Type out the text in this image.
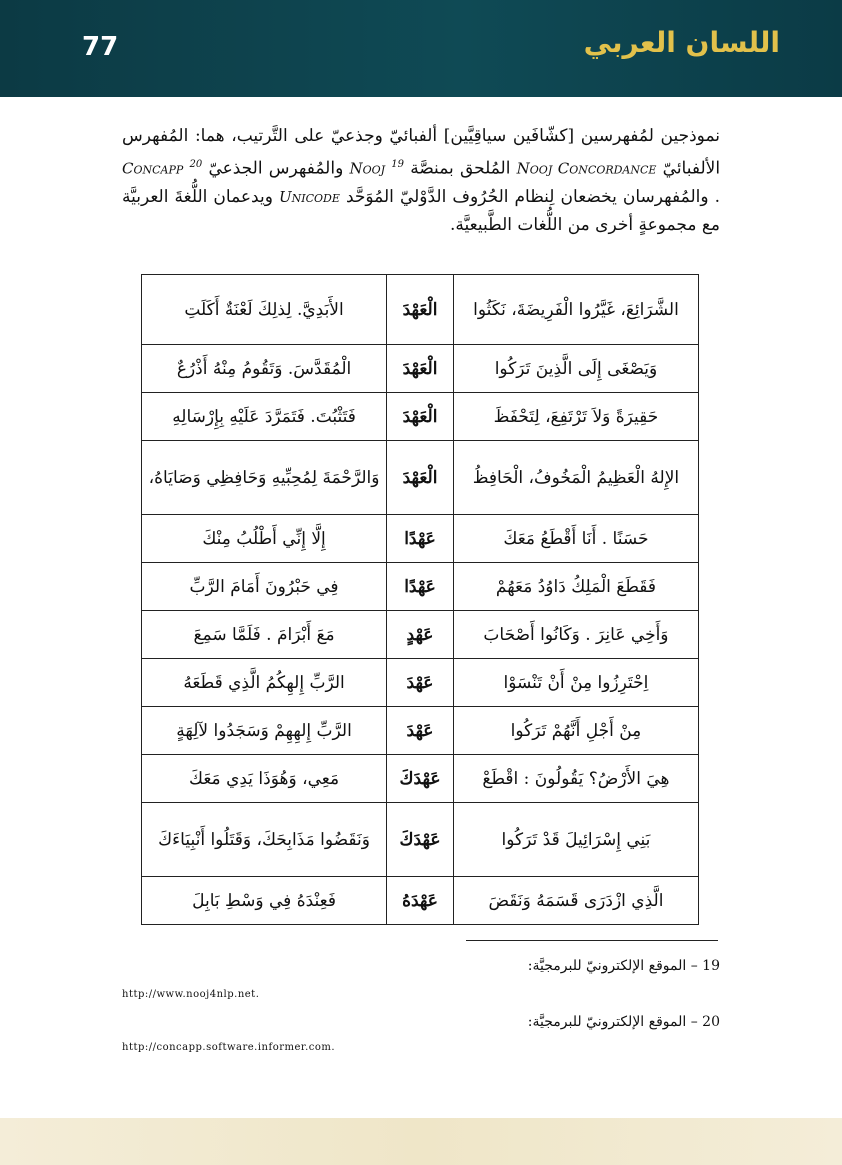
77	اللسان العربي
نموذجين لمُفهرسين [كشّافَين سياقِيَّين] ألفبائيّ وجذعيّ على التَّرتيب، هما: المُفهرس الألفبائيّ Nooj Concordance المُلحق بمنصَّة Nooj $^{19}$ والمُفهرس الجذعيّ Concapp $^{20}$ . والمُفهرسان يخضعان لِنظام الحُرُوف الدَّوْليّ المُوَحَّد Unicode ويدعمان اللُّغةَ العربيَّة مع مجموعةٍ أخرى من اللُّغات الطَّبيعيَّة.
الشَّرَائِعَ، غَيَّرُوا الْفَرِيضَةَ، نَكَثُوا	الْعَهْدَ	الأَبَدِيَّ. لِذلِكَ لَعْنَةٌ أَكَلَتِ
وَيَصْغَى إِلَى الَّذِينَ تَرَكُوا	الْعَهْدَ	الْمُقَدَّسَ. وَتَقُومُ مِنْهُ أَذْرُعٌ
حَقِيرَةً وَلاَ تَرْتَفِعَ، لِتَحْفَظَ	الْعَهْدَ	فَتَثْبُتَ. فَتَمَرَّدَ عَلَيْهِ بِإِرْسَالِهِ
الإِلهُ الْعَظِيمُ الْمَخُوفُ، الْحَافِظُ	الْعَهْدَ	وَالرَّحْمَةَ لِمُحِبِّيهِ وَحَافِظِي وَصَايَاهُ،
حَسَنًا . أَنَا أَقْطَعُ مَعَكَ	عَهْدًا	إِلَّا إِنِّي أَطْلُبُ مِنْكَ
فَقَطَعَ الْمَلِكُ دَاوُدُ مَعَهُمْ	عَهْدًا	فِي حَبْرُونَ أَمَامَ الرَّبِّ
وَأَخِي عَانِرَ . وَكَانُوا أَصْحَابَ	عَهْدٍ	مَعَ أَبْرَامَ . فَلَمَّا سَمِعَ
اِحْتَرِزُوا مِنْ أَنْ تَنْسَوْا	عَهْدَ	الرَّبِّ إِلهِكُمُ الَّذِي قَطَعَهُ
مِنْ أَجْلِ أَنَّهُمْ تَرَكُوا	عَهْدَ	الرَّبِّ إِلهِهِمْ وَسَجَدُوا لآلِهَةٍ
هِيَ الأَرْضُ؟ يَقُولُونَ : اقْطَعْ	عَهْدَكَ	مَعِي، وَهُوَذَا يَدِي مَعَكَ
بَنِي إِسْرَائِيلَ قَدْ تَرَكُوا	عَهْدَكَ	وَنَقَضُوا مَذَابِحَكَ، وَقَتَلُوا أَنْبِيَاءَكَ
الَّذِي ازْدَرَى قَسَمَهُ وَنَقَضَ	عَهْدَهُ	فَعِنْدَهُ فِي وَسْطِ بَابِلَ
19 – الموقع الإلكترونيّ للبرمجيَّة:
http://www.nooj4nlp.net.
20 – الموقع الإلكترونيّ للبرمجيَّة:
http://concapp.software.informer.com.
